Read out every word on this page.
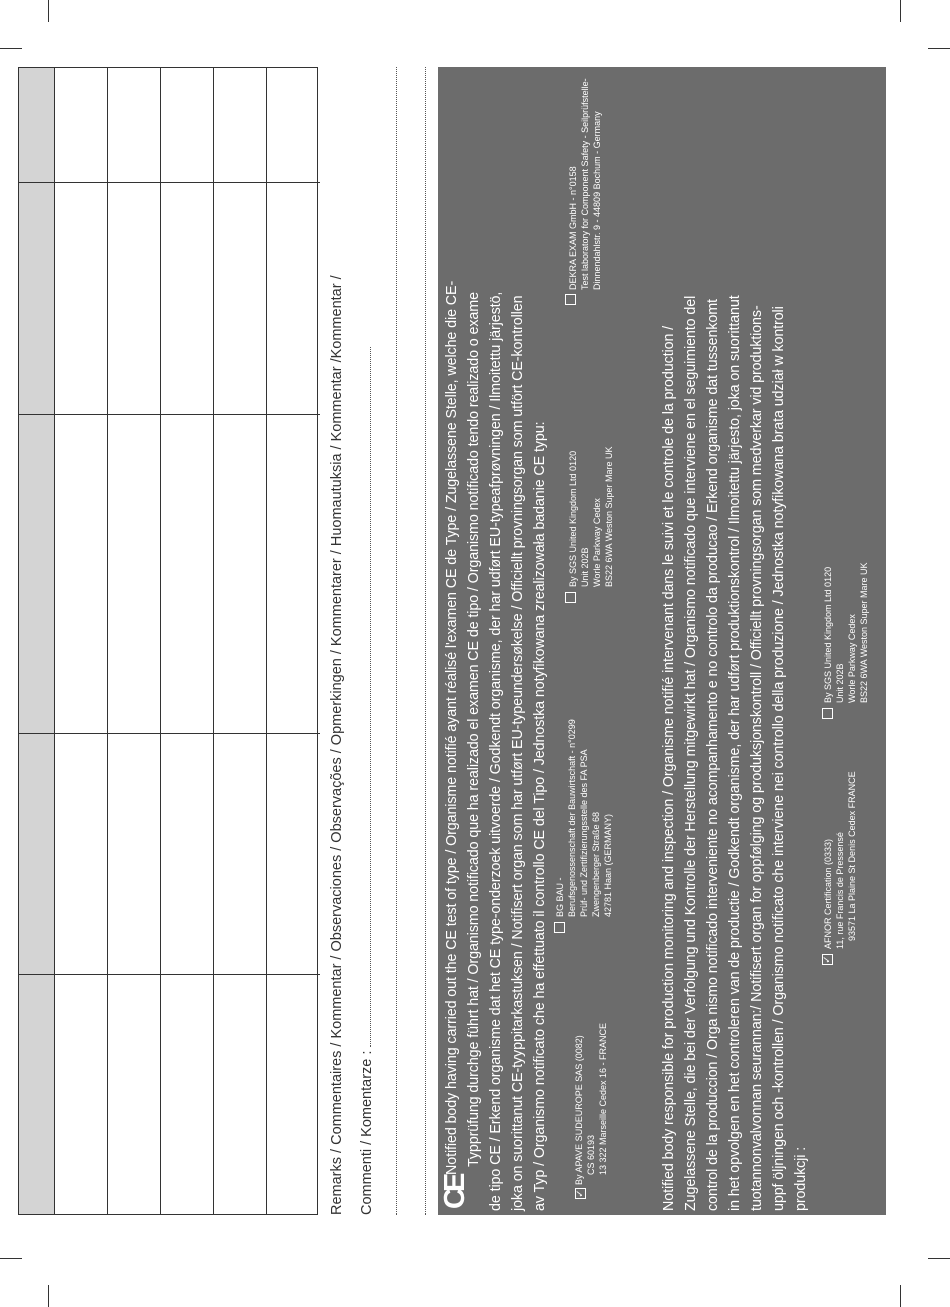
Remarks / Commentaires / Kommentar / Observaciones / Observações / Opmerkingen / Kommentarer / Huomautuksia / Kommentar /Kommentar / Commenti / Komentarze : CE
Notified body having carried out the CE test of type / Organisme notifié ayant réalisé l'examen CE de Type / Zugelassene Stelle, welche die CE- Typprüfung durchge führt hat / Organismo notificado que ha realizado el examen CE de tipo / Organismo notificado tendo realizado o exame de tipo CE / Erkend organisme dat het CE type-onderzoek uitvoerde / Godkendt organisme, der har udført EU-typeafprøvningen / Ilmoitettu järjestö, joka on suorittanut CE-tyyppitarkastuksen / Notifisert organ som har utført EU-typeundersøkelse / Officiellt provningsorgan som utfört CE-kontrollen av Typ / Organismo notificato che ha effettuato il controllo CE del Tipo / Jednostka notyfikowana zrealizowała badanie CE typu:	✓
By APAVE SUDEUROPE SAS (0082) CS 60193 13 322 Marseille Cedex 16 - FRANCE
BG BAU - Berufsgenossenschaft der Bauwirtschaft - n°0299 Prüf- und Zertifizierungsstelle des FA PSA Zwengenberger Straße 68 42781 Haan (GERMANY)
By SGS United Kingdom Ltd 0120 Unit 202B Worle Parkway Cedex BS22 6WA Weston Super Mare UK
DEKRA EXAM GmbH - n°0158 Test laboratory for Component Safety - Seilprüfstelle- Dinnendahlstr. 9 - 44809 Bochum - Germany
Notified body responsible for production monitoring and inspection / Organisme notifié intervenant dans le suivi et le controle de la production / Zugelassene Stelle, die bei der Verfolgung und Kontrolle der Herstellung mitgewirkt hat / Organismo notificado que interviene en el seguimiento del control de la produccion / Orga nismo notificado interveniente no acompanhamento e no controlo da producao / Erkend organisme dat tussenkomt in het opvolgen en het controleren van de productie / Godkendt organisme, der har udført produktionskontrol / Ilmoitettu järjesto, joka on suorittanut tuotannonvalvonnan seurannan:/ Notifisert organ for oppfølging og produksjonskontroll / Officiellt provningsorgan som medverkar vid produktions- uppf öljningen och -kontrollen / Organismo notificato che interviene nei controllo della produzione / Jednostka notyfikowana brata udział w kontroli produkcji :
✓
AFNOR Certification (0333) 11, rue Francis de Pressensé 93571 La Plaine St Denis Cedex FRANCE
By SGS United Kingdom Ltd 0120 Unit 202B Worle Parkway Cedex BS22 6WA Weston Super Mare UK
